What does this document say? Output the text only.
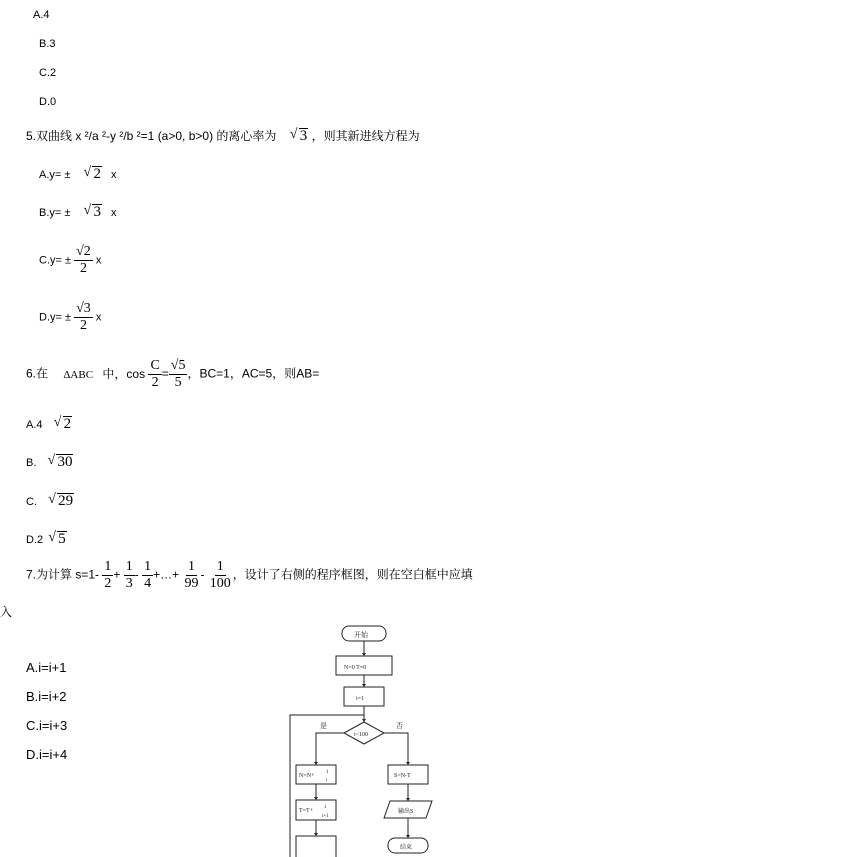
A.4
B.3
C.2
D.0
5.双曲线 x ²/a ²-y ²/b ²=1 (a>0, b>0) 的离心率为 √ 3 ，则其新进线方程为
A.y= ± √ 2 x
B.y= ± √ 3 x
$C.y= \pm \frac{√2}{2}$ x
$D.y= \pm \frac{√3}{2}$ x
6.在 ΔABC 中，$\cos \frac{C}{2} = \frac{√5}{5}$ ，BC=1，AC=5，则AB=
A.4 √ 2
B. √ 30
C. √ 29
D.2 √ 5
7.为计算 $s=1- \frac{1}{2} + \frac{1}{3} - \frac{1}{4}$ +…+ $\frac{1}{99} - \frac{1}{100}$ ，设计了右侧的程序框图，则在空白框中应填
入
A.i=i+1
B.i=i+2
C.i=i+3
D.i=i+4
开始
N=0 T=0
i=1
i<100
是	否
N=N+
1
i
T=T+
1
i+1
S=N-T
输出S
结束
